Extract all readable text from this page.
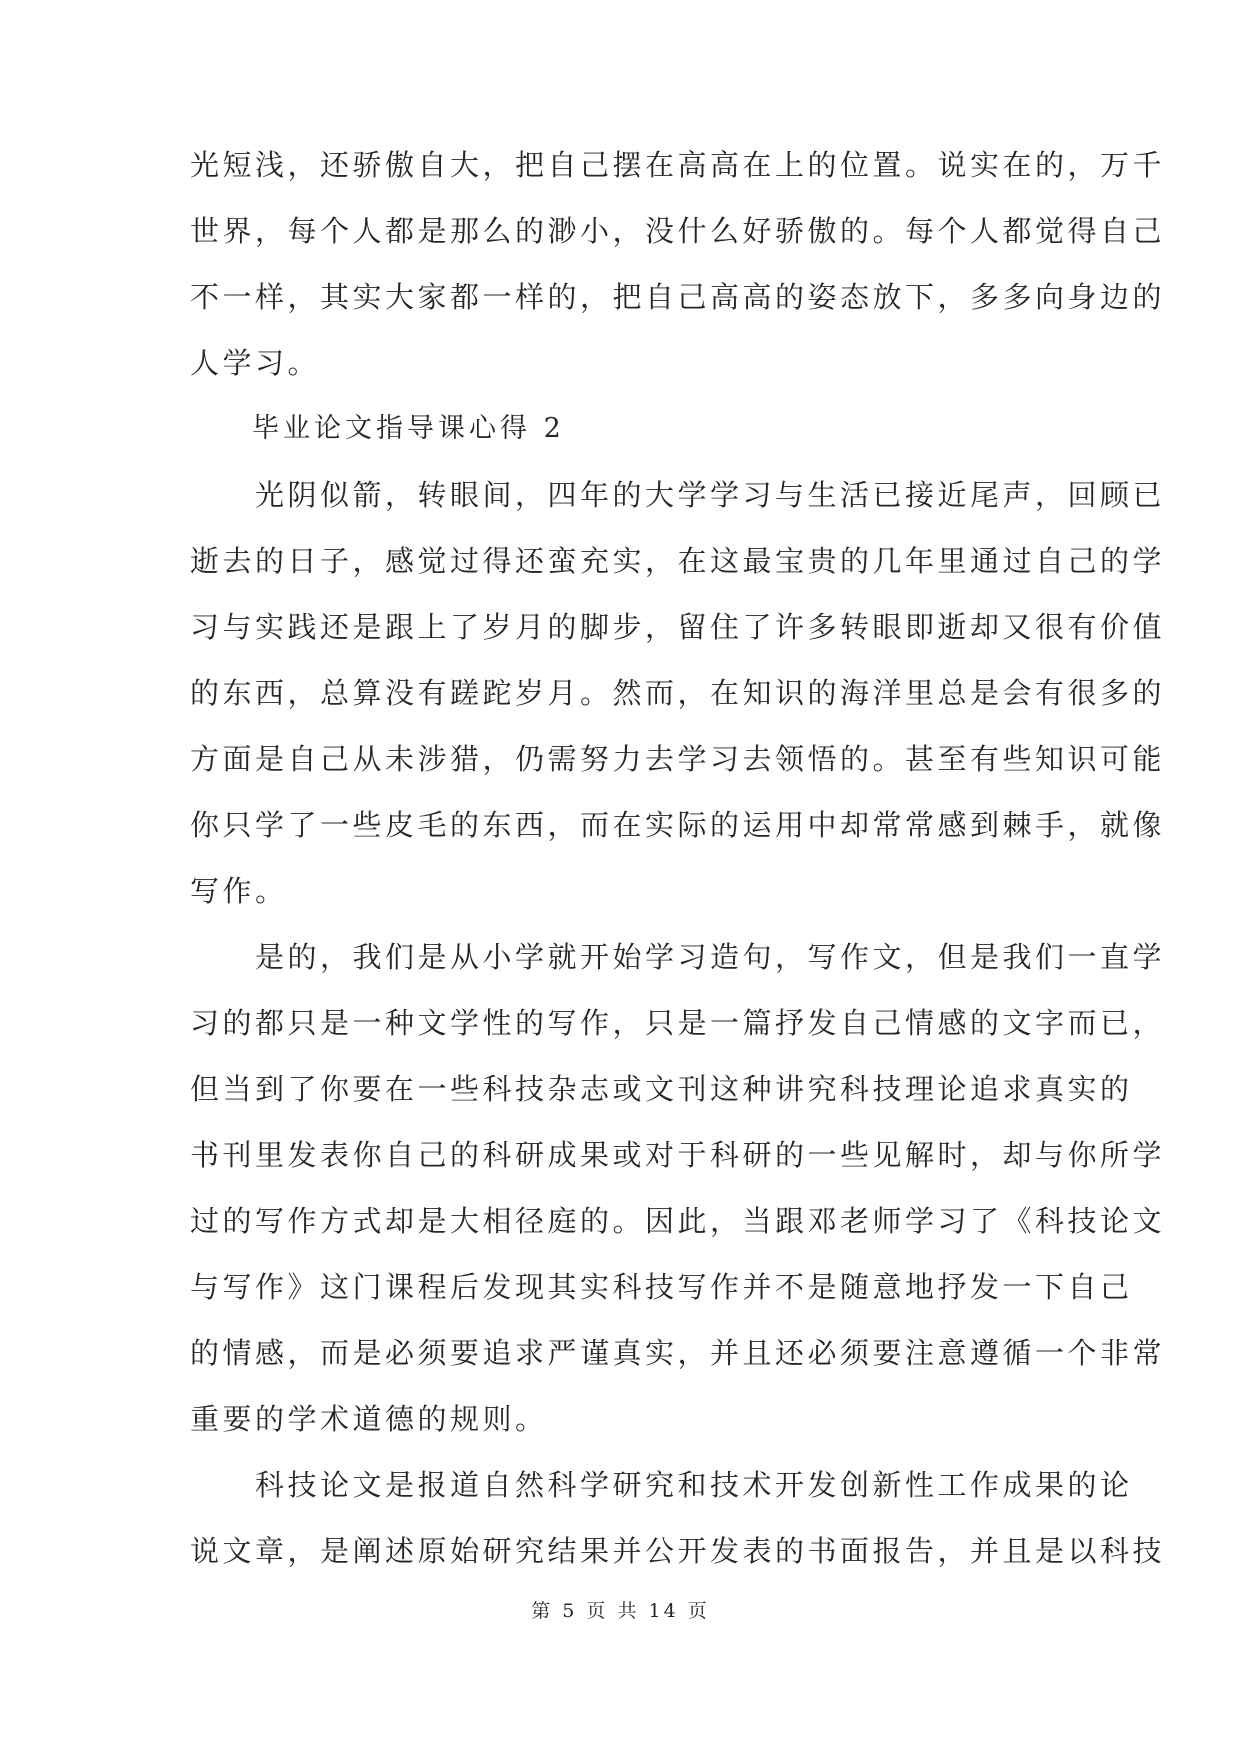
光短浅，还骄傲自大，把自己摆在高高在上的位置。说实在的，万千
世界，每个人都是那么的渺小，没什么好骄傲的。每个人都觉得自己
不一样，其实大家都一样的，把自己高高的姿态放下，多多向身边的
人学习。
　　毕业论文指导课心得 2
　　光阴似箭，转眼间，四年的大学学习与生活已接近尾声，回顾已
逝去的日子，感觉过得还蛮充实，在这最宝贵的几年里通过自己的学
习与实践还是跟上了岁月的脚步，留住了许多转眼即逝却又很有价值
的东西，总算没有蹉跎岁月。然而，在知识的海洋里总是会有很多的
方面是自己从未涉猎，仍需努力去学习去领悟的。甚至有些知识可能
你只学了一些皮毛的东西，而在实际的运用中却常常感到棘手，就像
写作。
　　是的，我们是从小学就开始学习造句，写作文，但是我们一直学
习的都只是一种文学性的写作，只是一篇抒发自己情感的文字而已，
但当到了你要在一些科技杂志或文刊这种讲究科技理论追求真实的
书刊里发表你自己的科研成果或对于科研的一些见解时，却与你所学
过的写作方式却是大相径庭的。因此，当跟邓老师学习了《科技论文
与写作》这门课程后发现其实科技写作并不是随意地抒发一下自己
的情感，而是必须要追求严谨真实，并且还必须要注意遵循一个非常
重要的学术道德的规则。
　　科技论文是报道自然科学研究和技术开发创新性工作成果的论
说文章，是阐述原始研究结果并公开发表的书面报告，并且是以科技
第 5 页 共 14 页
